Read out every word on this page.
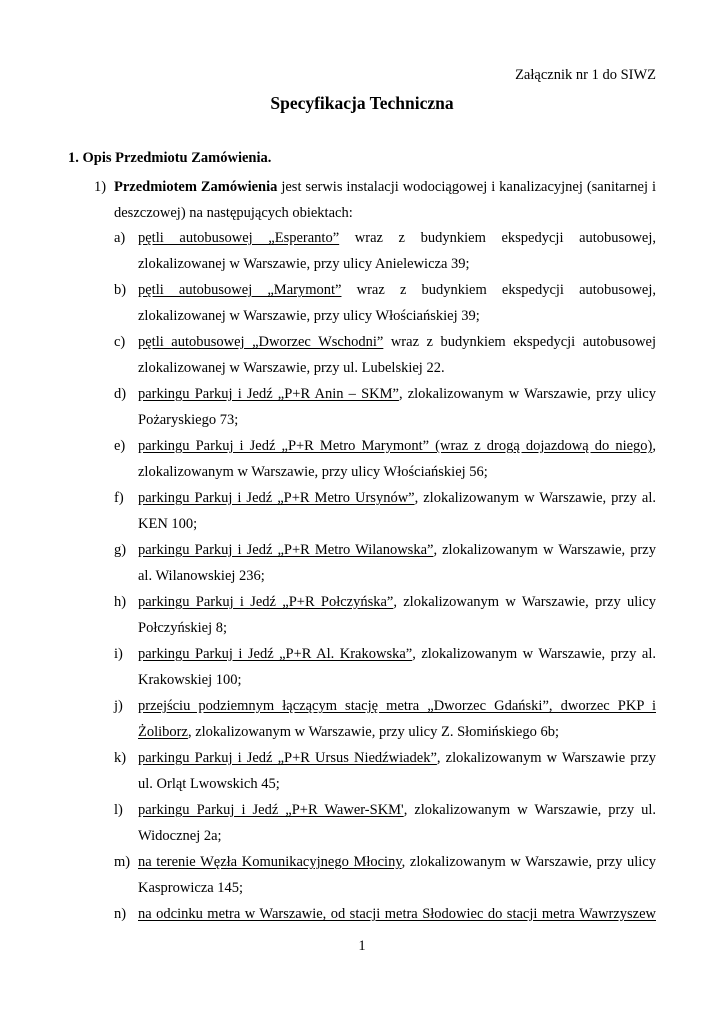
Załącznik nr 1 do SIWZ
Specyfikacja Techniczna
1. Opis Przedmiotu Zamówienia.
1) Przedmiotem Zamówienia jest serwis instalacji wodociągowej i kanalizacyjnej (sanitarnej i deszczowej) na następujących obiektach:
a) pętli autobusowej „Esperanto” wraz z budynkiem ekspedycji autobusowej, zlokalizowanej w Warszawie, przy ulicy Anielewicza 39;
b) pętli autobusowej „Marymont” wraz z budynkiem ekspedycji autobusowej, zlokalizowanej w Warszawie, przy ulicy Włościańskiej 39;
c) pętli autobusowej „Dworzec Wschodni” wraz z budynkiem ekspedycji autobusowej zlokalizowanej w Warszawie, przy ul. Lubelskiej 22.
d) parkingu Parkuj i Jedź „P+R Anin – SKM”, zlokalizowanym w Warszawie, przy ulicy Pożaryskiego 73;
e) parkingu Parkuj i Jedź „P+R Metro Marymont” (wraz z drogą dojazdową do niego), zlokalizowanym w Warszawie, przy ulicy Włościańskiej 56;
f) parkingu Parkuj i Jedź „P+R Metro Ursynów”, zlokalizowanym w Warszawie, przy al. KEN 100;
g) parkingu Parkuj i Jedź „P+R Metro Wilanowska”, zlokalizowanym w Warszawie, przy al. Wilanowskiej 236;
h) parkingu Parkuj i Jedź „P+R Połczyńska”, zlokalizowanym w Warszawie, przy ulicy Połczyńskiej 8;
i)	parkingu Parkuj i Jedź „P+R Al. Krakowska”, zlokalizowanym w Warszawie, przy al. Krakowskiej 100;
j)	przejściu podziemnym łączącym stację metra „Dworzec Gdański”, dworzec PKP i Żoliborz, zlokalizowanym w Warszawie, przy ulicy Z. Słomińskiego 6b;
k) parkingu Parkuj i Jedź „P+R Ursus Niedźwiadek”, zlokalizowanym w Warszawie przy ul. Orląt Lwowskich 45;
l)	parkingu Parkuj i Jedź „P+R Wawer-SKM', zlokalizowanym w Warszawie, przy ul. Widocznej 2a;
m) na terenie Węzła Komunikacyjnego Młociny, zlokalizowanym w Warszawie, przy ulicy Kasprowicza 145;
n) na odcinku metra w Warszawie, od stacji metra Słodowiec do stacji metra Wawrzyszew
1
